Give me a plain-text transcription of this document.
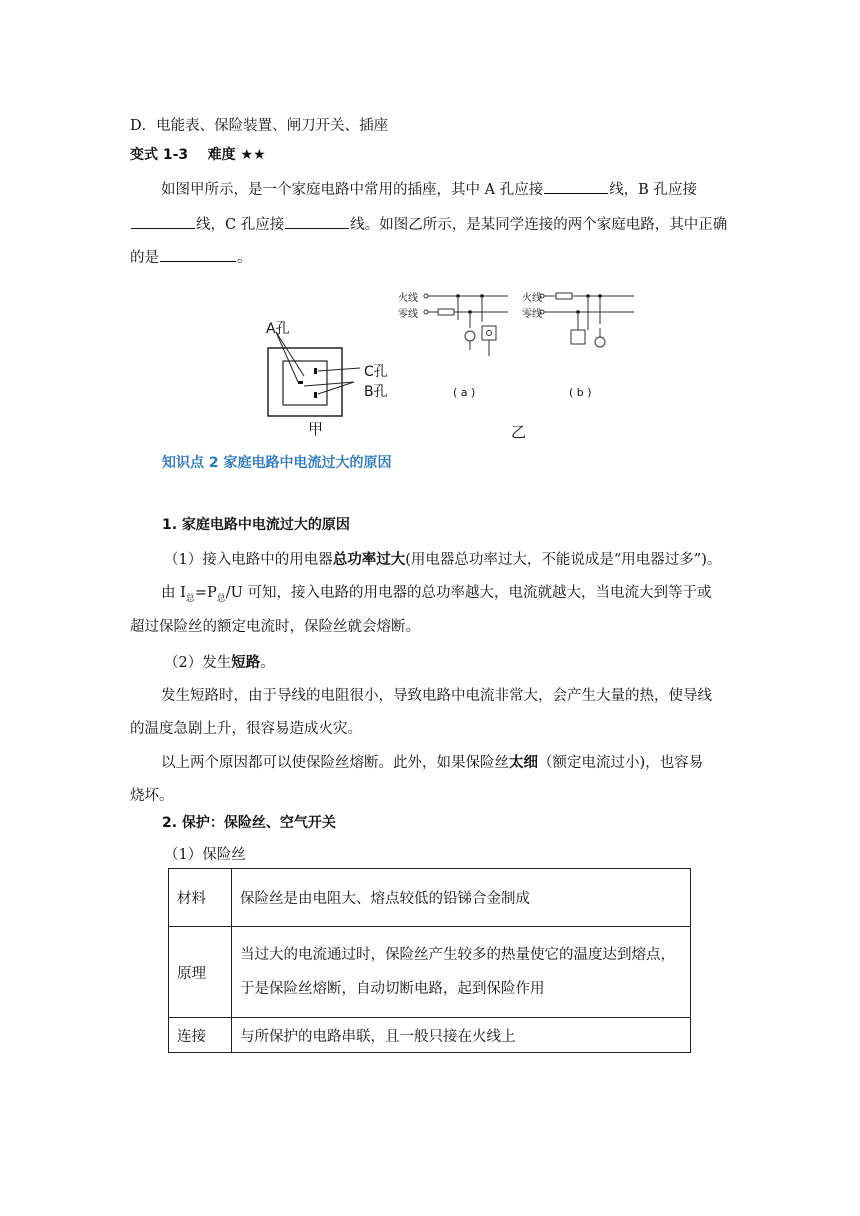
D．电能表、保险装置、闸刀开关、插座
变式 1-3 难度 ★★
如图甲所示，是一个家庭电路中常用的插座，其中 A 孔应接	线，B 孔应接
线，C 孔应接	线。如图乙所示，是某同学连接的两个家庭电路，其中正确
的是	。
A孔
C孔
B孔
甲
火线
零线
火线
零线
( a )	( b )
乙
知识点 2 家庭电路中电流过大的原因
1. 家庭电路中电流过大的原因
（1）接入电路中的用电器总功率过大(用电器总功率过大，不能说成是“用电器过多”)。
由 $I_总=P_总/U$ 可知，接入电路的用电器的总功率越大，电流就越大，当电流大到等于或
超过保险丝的额定电流时，保险丝就会熔断。
（2）发生短路。
发生短路时，由于导线的电阻很小，导致电路中电流非常大，会产生大量的热，使导线
的温度急剧上升，很容易造成火灾。
以上两个原因都可以使保险丝熔断。此外，如果保险丝太细（额定电流过小)，也容易
烧坏。
2. 保护：保险丝、空气开关
（1）保险丝
材料	保险丝是由电阻大、熔点较低的铅锑合金制成
原理	当过大的电流通过时，保险丝产生较多的热量使它的温度达到熔点，
于是保险丝熔断，自动切断电路，起到保险作用

连接	与所保护的电路串联，且一般只接在火线上
